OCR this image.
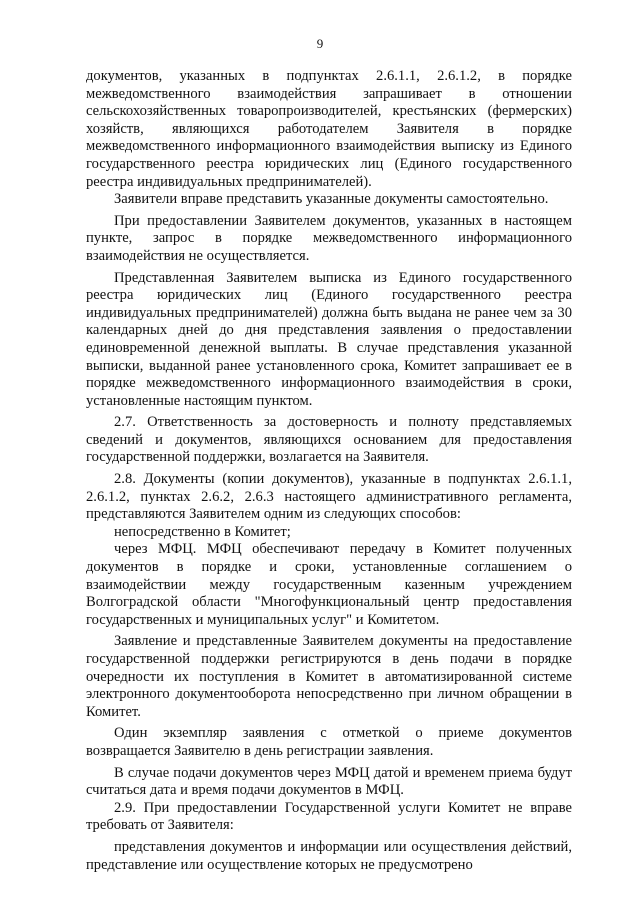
9

документов, указанных в подпунктах 2.6.1.1, 2.6.1.2, в порядке межведомственного взаимодействия запрашивает в отношении сельскохозяйственных товаропроизводителей, крестьянских (фермерских) хозяйств, являющихся работодателем Заявителя в порядке межведомственного информационного взаимодействия выписку из Единого государственного реестра юридических лиц (Единого государственного реестра индивидуальных предпринимателей).

Заявители вправе представить указанные документы самостоятельно.

При предоставлении Заявителем документов, указанных в настоящем пункте, запрос в порядке межведомственного информационного взаимодействия не осуществляется.

Представленная Заявителем выписка из Единого государственного реестра юридических лиц (Единого государственного реестра индивидуальных предпринимателей) должна быть выдана не ранее чем за 30 календарных дней до дня представления заявления о предоставлении единовременной денежной выплаты. В случае представления указанной выписки, выданной ранее установленного срока, Комитет запрашивает ее в порядке межведомственного информационного взаимодействия в сроки, установленные настоящим пунктом.

2.7. Ответственность за достоверность и полноту представляемых сведений и документов, являющихся основанием для предоставления государственной поддержки, возлагается на Заявителя.

2.8. Документы (копии документов), указанные в подпунктах 2.6.1.1, 2.6.1.2, пунктах 2.6.2, 2.6.3 настоящего административного регламента, представляются Заявителем одним из следующих способов:

непосредственно в Комитет;

через МФЦ. МФЦ обеспечивают передачу в Комитет полученных документов в порядке и сроки, установленные соглашением о взаимодействии между государственным казенным учреждением Волгоградской области "Многофункциональный центр предоставления государственных и муниципальных услуг" и Комитетом.

Заявление и представленные Заявителем документы на предоставление государственной поддержки регистрируются в день подачи в порядке очередности их поступления в Комитет в автоматизированной системе электронного документооборота непосредственно при личном обращении в Комитет.

Один экземпляр заявления с отметкой о приеме документов возвращается Заявителю в день регистрации заявления.

В случае подачи документов через МФЦ датой и временем приема будут считаться дата и время подачи документов в МФЦ.

2.9. При предоставлении Государственной услуги Комитет не вправе требовать от Заявителя:

представления документов и информации или осуществления действий, представление или осуществление которых не предусмотрено
